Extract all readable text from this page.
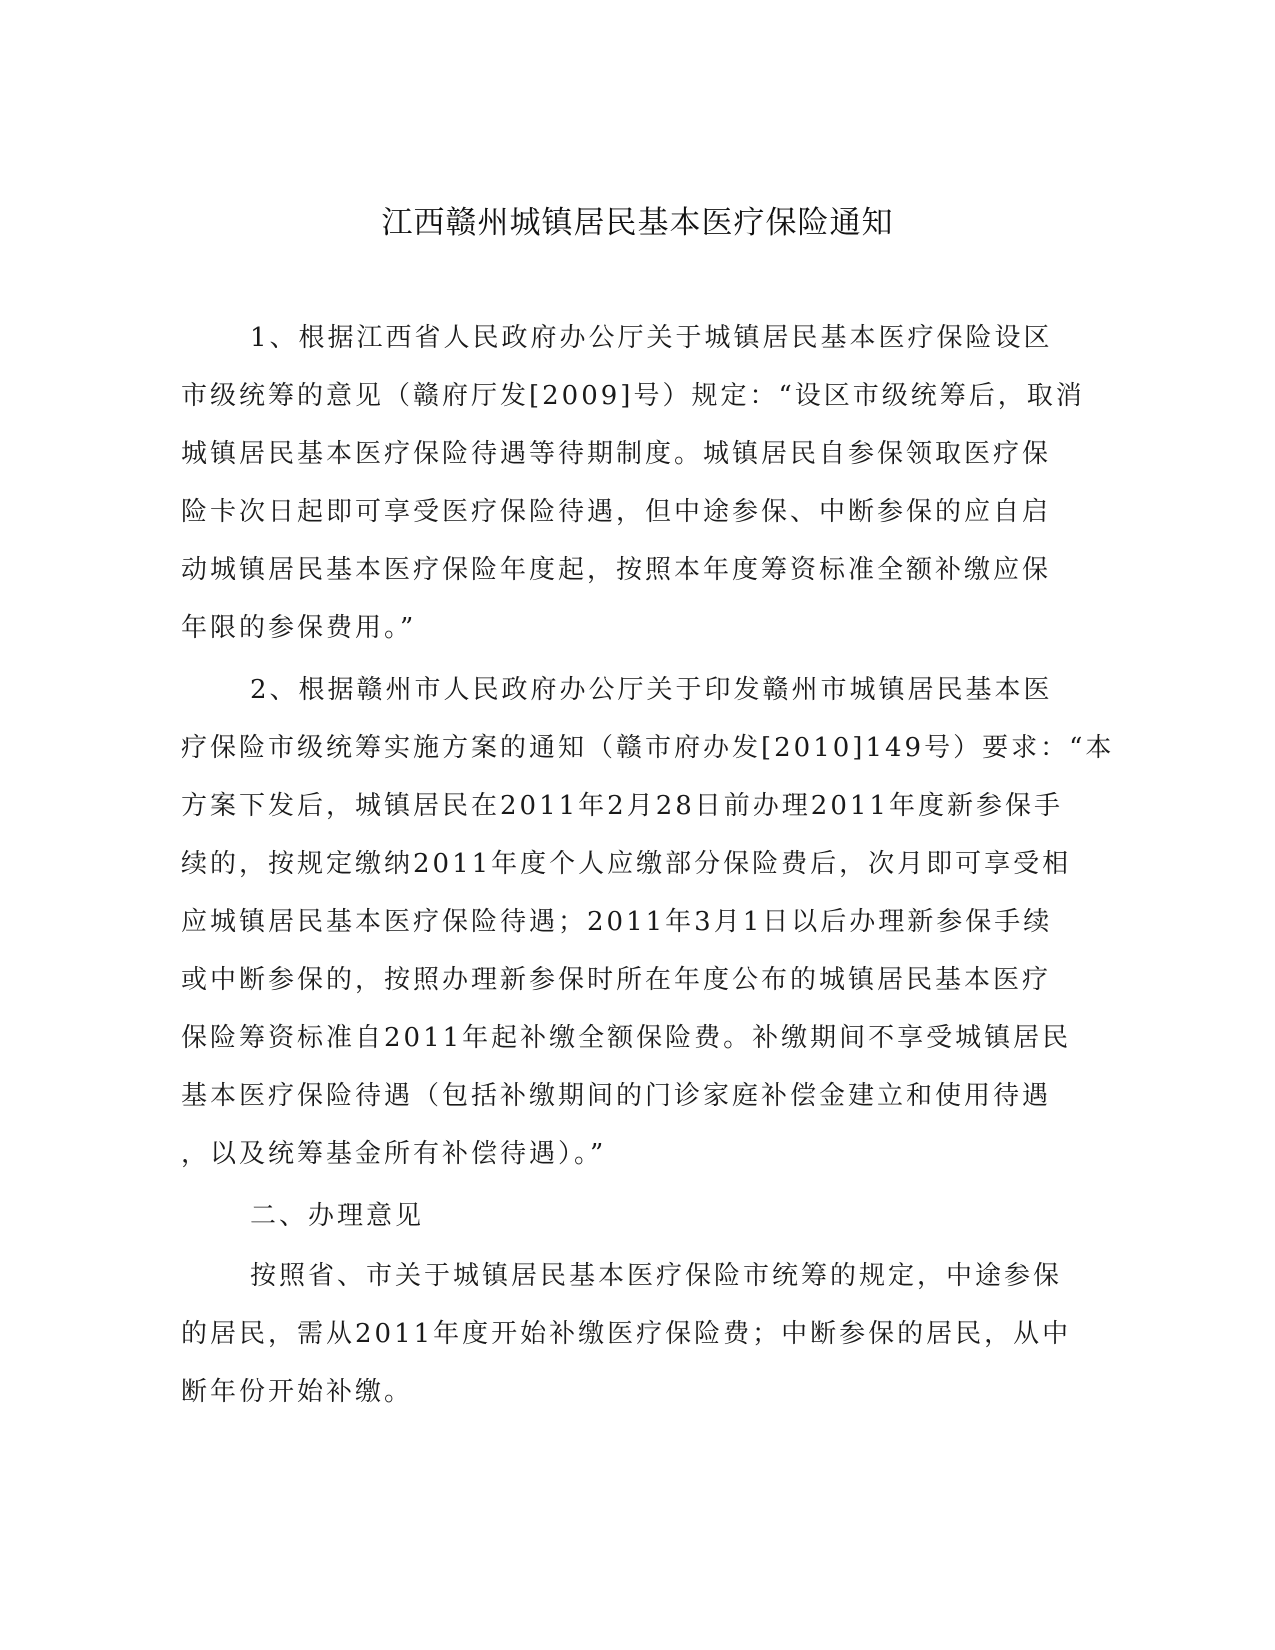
江西赣州城镇居民基本医疗保险通知
1、根据江西省人民政府办公厅关于城镇居民基本医疗保险设区
市级统筹的意见（赣府厅发[2009]号）规定：“设区市级统筹后，取消
城镇居民基本医疗保险待遇等待期制度。城镇居民自参保领取医疗保
险卡次日起即可享受医疗保险待遇，但中途参保、中断参保的应自启
动城镇居民基本医疗保险年度起，按照本年度筹资标准全额补缴应保
年限的参保费用。”
2、根据赣州市人民政府办公厅关于印发赣州市城镇居民基本医
疗保险市级统筹实施方案的通知（赣市府办发[2010]149号）要求：“本
方案下发后，城镇居民在2011年2月28日前办理2011年度新参保手
续的，按规定缴纳2011年度个人应缴部分保险费后，次月即可享受相
应城镇居民基本医疗保险待遇；2011年3月1日以后办理新参保手续
或中断参保的，按照办理新参保时所在年度公布的城镇居民基本医疗
保险筹资标准自2011年起补缴全额保险费。补缴期间不享受城镇居民
基本医疗保险待遇（包括补缴期间的门诊家庭补偿金建立和使用待遇
，以及统筹基金所有补偿待遇）。”
二、办理意见
按照省、市关于城镇居民基本医疗保险市统筹的规定，中途参保
的居民，需从2011年度开始补缴医疗保险费；中断参保的居民，从中
断年份开始补缴。
